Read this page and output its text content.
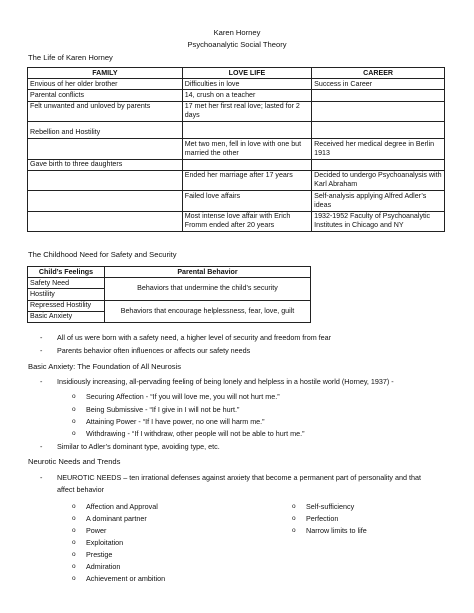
Karen Horney
Psychoanalytic Social Theory
The Life of Karen Horney
FAMILY	LOVE LIFE	CAREER
Envious of her older brother	Difficulties in love	Success in Career
Parental conflicts	14, crush on a teacher	
Felt unwanted and unloved by parents	17 met her first real love; lasted for 2 days	
Rebellion and Hostility		
	Met two men, fell in love with one but married the other	Received her medical degree in Berlin 1913
Gave birth to three daughters		
	Ended her marriage after 17 years	Decided to undergo Psychoanalysis with Karl Abraham
	Failed love affairs	Self-analysis applying Alfred Adler’s ideas
	Most intense love affair with Erich Fromm ended after 20 years	1932-1952 Faculty of Psychoanalytic Institutes in Chicago and NY
The Childhood Need for Safety and Security
Child’s Feelings	Parental Behavior
Safety Need	Behaviors that undermine the child’s security
Hostility	
Repressed Hostility	Behaviors that encourage helplessness, fear, love, guilt
Basic Anxiety	
- All of us were born with a safety need, a higher level of security and freedom from fear
- Parents behavior often influences or affects our safety needs
Basic Anxiety: The Foundation of All Neurosis
- Insidiously increasing, all-pervading feeling of being lonely and helpless in a hostile world (Horney, 1937) -
o Securing Affection - “If you will love me, you will not hurt me.”
o Being Submissive - “If I give in I will not be hurt.”
o Attaining Power - “If I have power, no one will harm me.”
o Withdrawing - “If I withdraw, other people will not be able to hurt me.”
- Similar to Adler’s dominant type, avoiding type, etc.
Neurotic Needs and Trends
- NEUROTIC NEEDS – ten irrational defenses against anxiety that become a permanent part of personality and that
affect behavior
o Affection and Approval
o A dominant partner
o Power
o Exploitation
o Prestige
o Admiration
o Achievement or ambition
o Self-sufficiency
o Perfection
o Narrow limits to life
